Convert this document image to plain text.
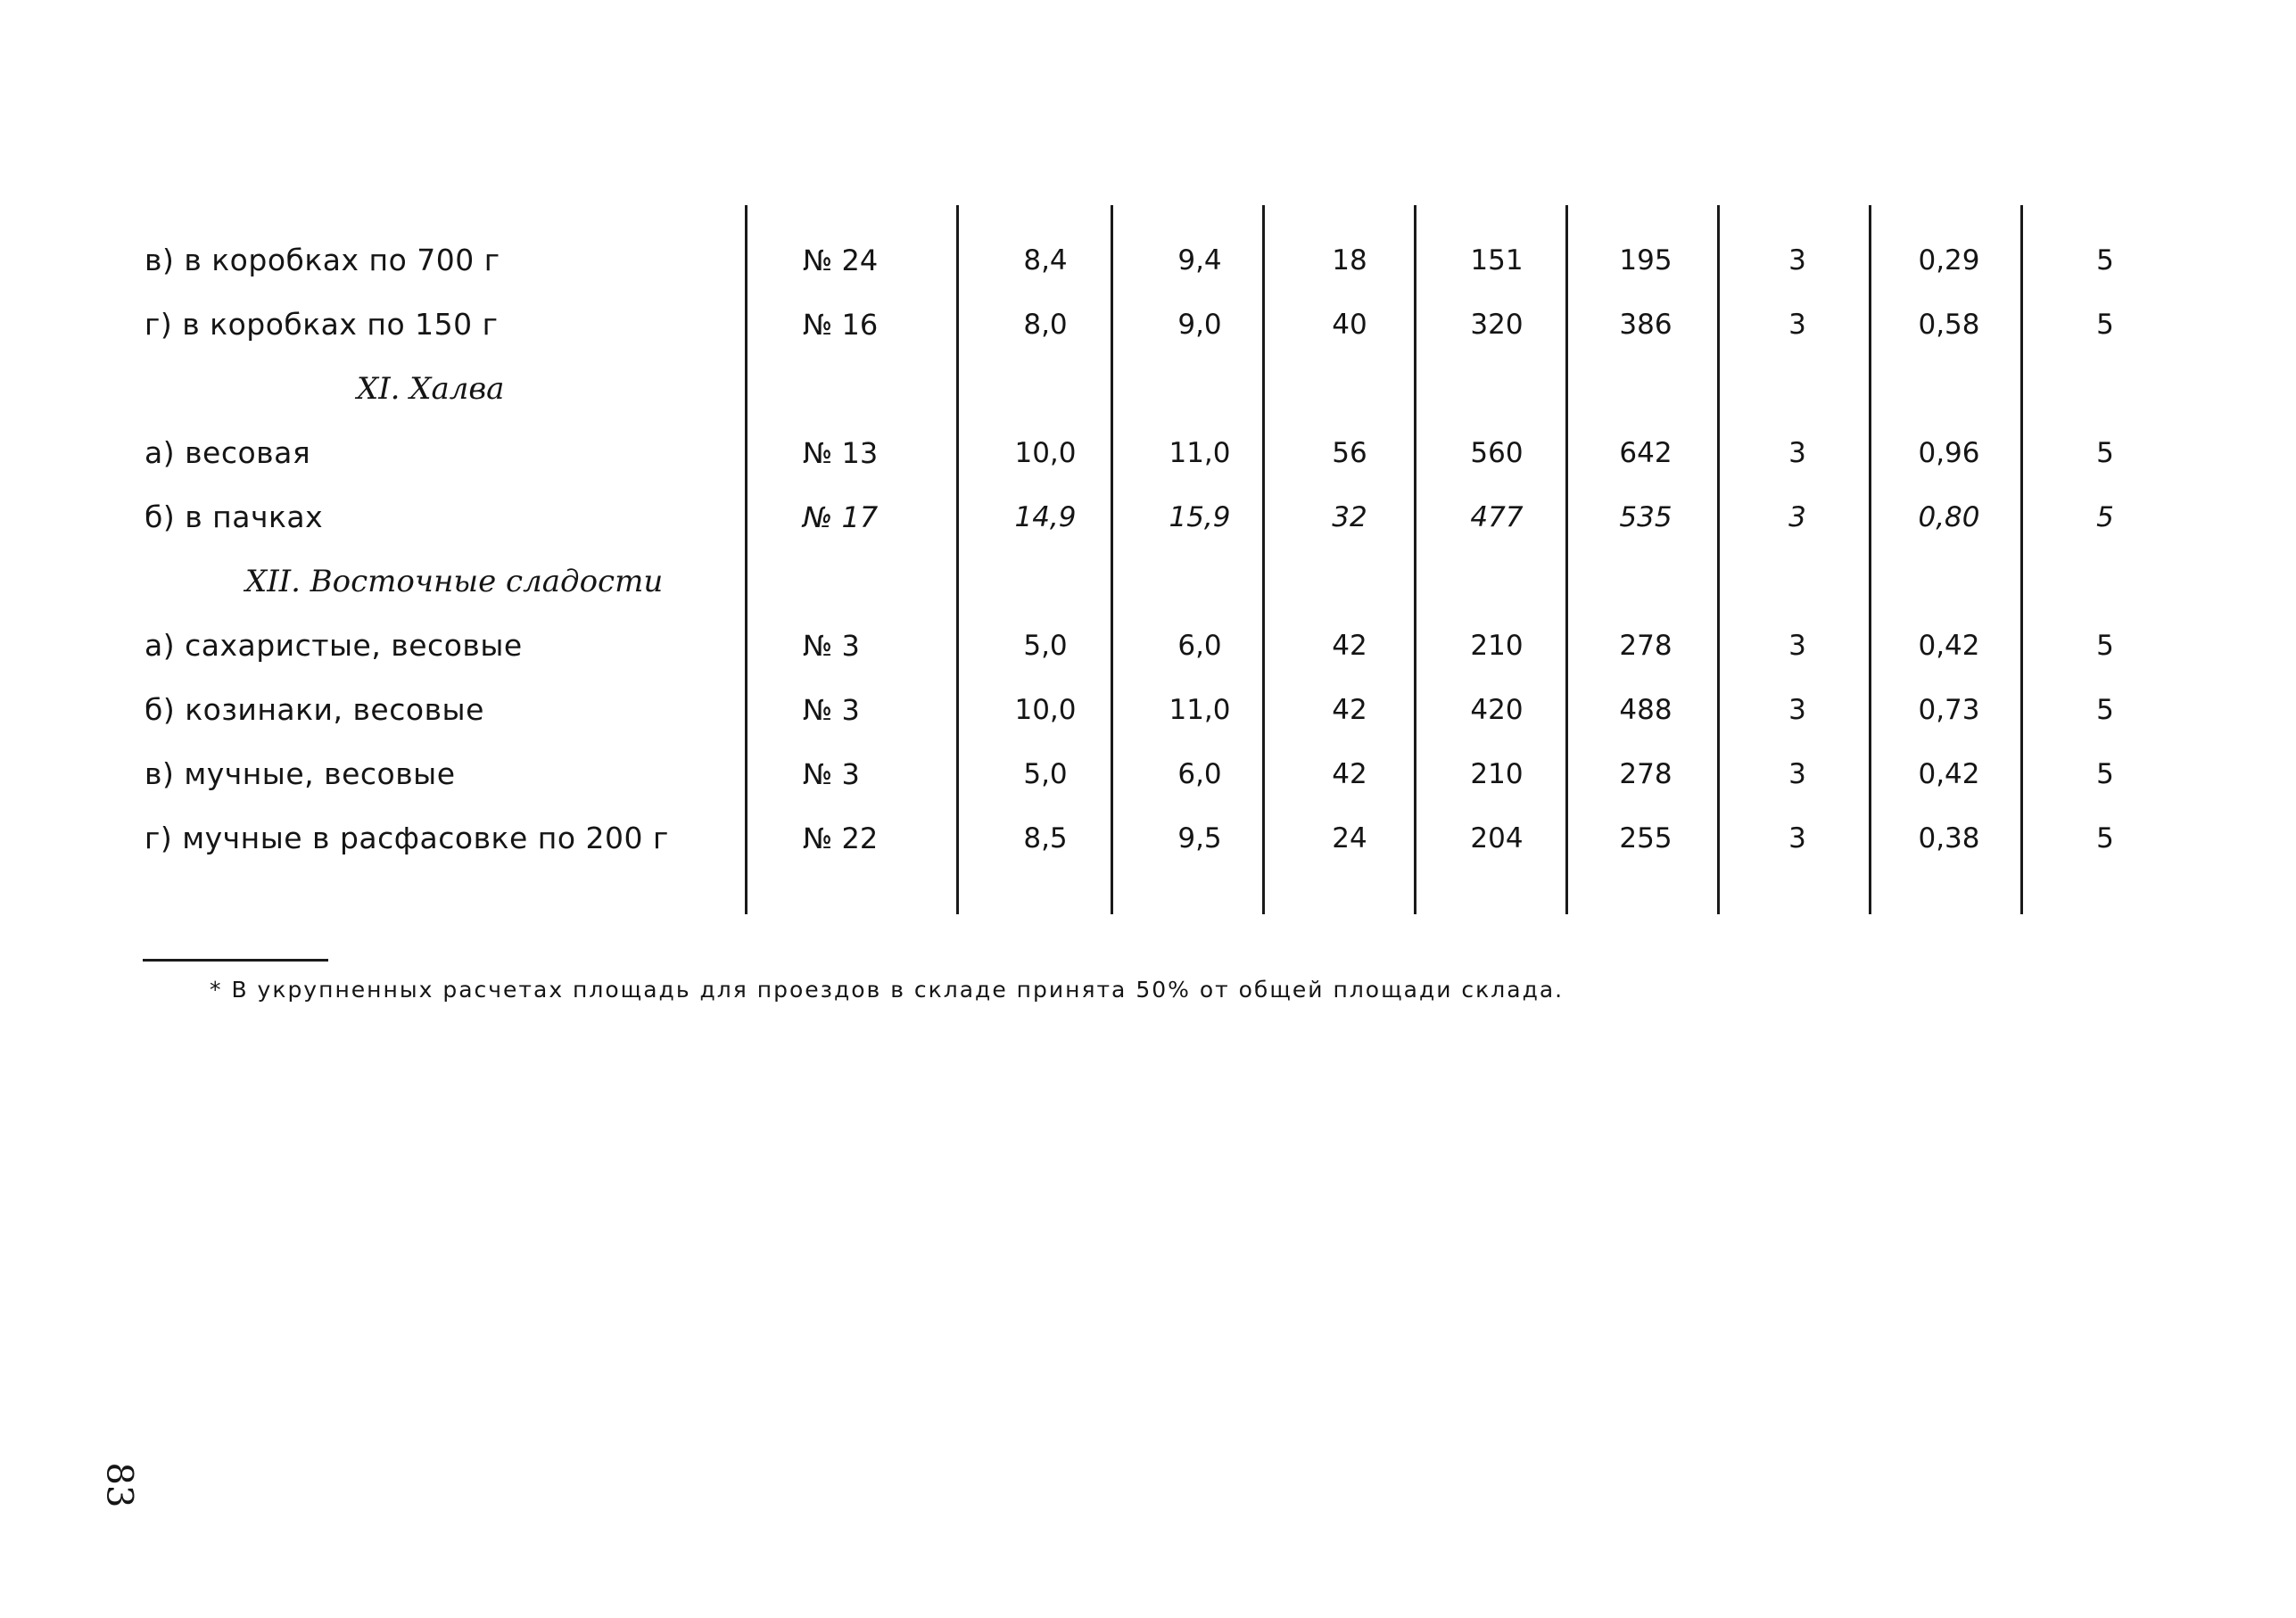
в) в коробках по 700 г	№ 24	8,4	9,4	18	151	195	3	0,29	5
г) в коробках по 150 г	№ 16	8,0	9,0	40	320	386	3	0,58	5
XI. Халва
а) весовая	№ 13	10,0	11,0	56	560	642	3	0,96	5
б) в пачках	№ 17	14,9	15,9	32	477	535	3	0,80	5
XII. Восточные сладости
а) сахаристые, весовые	№ 3	5,0	6,0	42	210	278	3	0,42	5
б) козинаки, весовые	№ 3	10,0	11,0	42	420	488	3	0,73	5
в) мучные, весовые	№ 3	5,0	6,0	42	210	278	3	0,42	5
г) мучные в расфасовке по 200 г	№ 22	8,5	9,5	24	204	255	3	0,38	5
* В укрупненных расчетах площадь для проездов в складе принята 50% от общей площади склада.
83
